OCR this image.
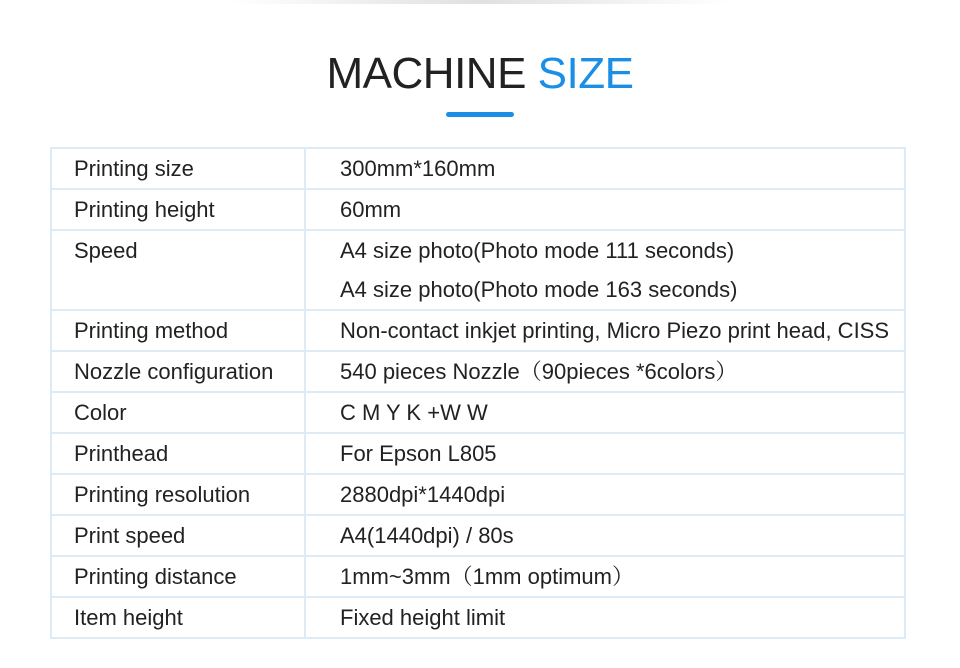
MACHINE SIZE
Printing size	300mm*160mm

Printing height	60mm

Speed	A4 size photo(Photo mode 111 seconds)
A4 size photo(Photo mode 163 seconds)

Printing method	Non-contact inkjet printing, Micro Piezo print head, CISS

Nozzle configuration	540 pieces Nozzle（90pieces *6colors）

Color	C M Y K +W W

Printhead	For Epson L805

Printing resolution	2880dpi*1440dpi

Print speed	A4(1440dpi) / 80s

Printing distance	1mm~3mm（1mm optimum）

Item height	Fixed height limit
